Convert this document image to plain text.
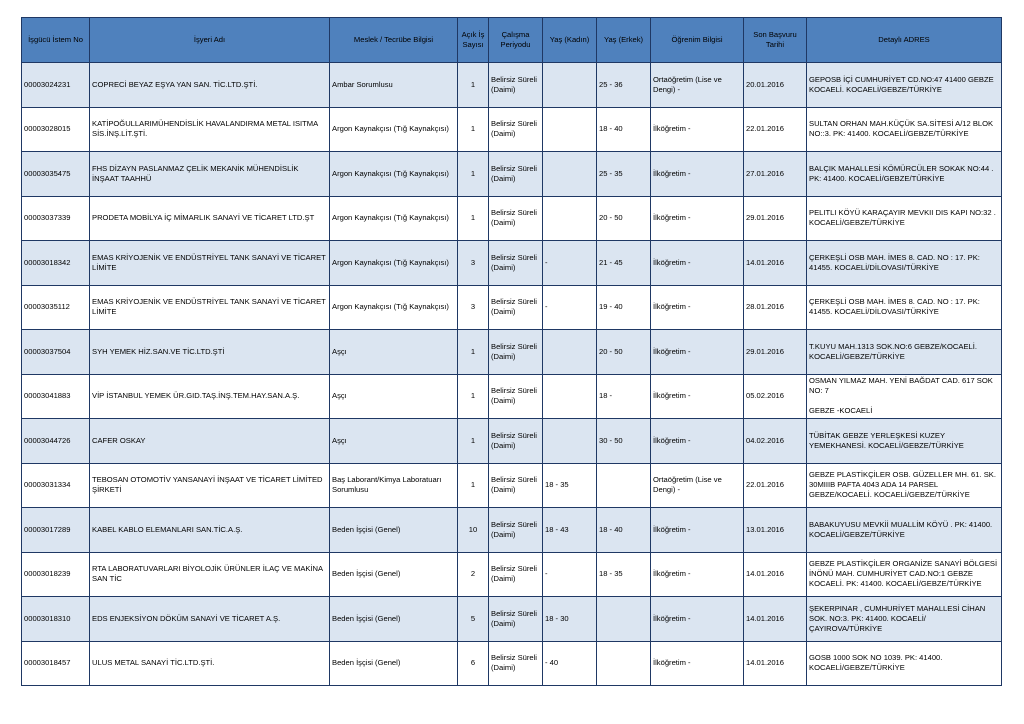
İşgücü İstem No	İşyeri Adı	Meslek / Tecrübe Bilgisi	Açık İş Sayısı	Çalışma Periyodu	Yaş (Kadın)	Yaş (Erkek)	Öğrenim Bilgisi	Son Başvuru Tarihi	Detaylı ADRES
00003024231	COPRECİ BEYAZ EŞYA YAN SAN. TİC.LTD.ŞTİ.	Ambar Sorumlusu	1	Belirsiz Süreli (Daimi)		25 - 36	Ortaöğretim (Lise ve Dengi) -	20.01.2016	GEPOSB İÇİ CUMHURİYET CD.NO:47 41400 GEBZE KOCAELİ. KOCAELİ/GEBZE/TÜRKİYE
00003028015	KATİPOĞULLARIMÜHENDİSLİK HAVALANDIRMA METAL ISITMA SİS.İNŞ.LİT.ŞTİ.	Argon Kaynakçısı (Tığ Kaynakçısı)	1	Belirsiz Süreli (Daimi)		18 - 40	İlköğretim -	22.01.2016	SULTAN ORHAN MAH.KÜÇÜK SA.SİTESİ A/12 BLOK NO::3. PK: 41400. KOCAELİ/GEBZE/TÜRKİYE
00003035475	FHS DİZAYN PASLANMAZ ÇELİK MEKANİK MÜHENDİSLİK İNŞAAT TAAHHÜ	Argon Kaynakçısı (Tığ Kaynakçısı)	1	Belirsiz Süreli (Daimi)		25 - 35	İlköğretim -	27.01.2016	BALÇIK MAHALLESİ KÖMÜRCÜLER SOKAK NO:44 . PK: 41400. KOCAELİ/GEBZE/TÜRKİYE
00003037339	PRODETA MOBİLYA İÇ MİMARLIK SANAYİ VE TİCARET LTD.ŞT	Argon Kaynakçısı (Tığ Kaynakçısı)	1	Belirsiz Süreli (Daimi)		20 - 50	İlköğretim -	29.01.2016	PELITLI KÖYÜ KARAÇAYIR MEVKII DIS KAPI NO:32 . KOCAELİ/GEBZE/TÜRKİYE
00003018342	EMAS KRİYOJENİK VE ENDÜSTRİYEL TANK SANAYİ VE TİCARET LİMİTE	Argon Kaynakçısı (Tığ Kaynakçısı)	3	Belirsiz Süreli (Daimi)	-	21 - 45	İlköğretim -	14.01.2016	ÇERKEŞLİ OSB MAH. İMES 8. CAD. NO : 17. PK: 41455. KOCAELİ/DİLOVASI/TÜRKİYE
00003035112	EMAS KRİYOJENİK VE ENDÜSTRİYEL TANK SANAYİ VE TİCARET LİMİTE	Argon Kaynakçısı (Tığ Kaynakçısı)	3	Belirsiz Süreli (Daimi)	-	19 - 40	İlköğretim -	28.01.2016	ÇERKEŞLİ OSB MAH. İMES 8. CAD. NO : 17. PK: 41455. KOCAELİ/DİLOVASI/TÜRKİYE
00003037504	SYH YEMEK HİZ.SAN.VE TİC.LTD.ŞTİ	Aşçı	1	Belirsiz Süreli (Daimi)		20 - 50	İlköğretim -	29.01.2016	T.KUYU MAH.1313 SOK.NO:6 GEBZE/KOCAELİ. KOCAELİ/GEBZE/TÜRKİYE
00003041883	VİP İSTANBUL YEMEK ÜR.GID.TAŞ.İNŞ.TEM.HAY.SAN.A.Ş.	Aşçı	1	Belirsiz Süreli (Daimi)		18 -	İlköğretim -	05.02.2016	OSMAN YILMAZ MAH. YENİ BAĞDAT CAD. 617 SOK NO: 7

GEBZE -KOCAELİ
00003044726	CAFER OSKAY	Aşçı	1	Belirsiz Süreli (Daimi)		30 - 50	İlköğretim -	04.02.2016	TÜBİTAK GEBZE YERLEŞKESİ KUZEY YEMEKHANESİ. KOCAELİ/GEBZE/TÜRKİYE
00003031334	TEBOSAN OTOMOTİV YANSANAYİ İNŞAAT VE TİCARET LİMİTED ŞİRKETİ	Baş Laborant/Kimya Laboratuarı Sorumlusu	1	Belirsiz Süreli (Daimi)	18 - 35		Ortaöğretim (Lise ve Dengi) -	22.01.2016	GEBZE PLASTİKÇİLER OSB. GÜZELLER MH. 61. SK. 30MIIIB PAFTA 4043 ADA 14 PARSEL GEBZE/KOCAELİ. KOCAELİ/GEBZE/TÜRKİYE
00003017289	KABEL KABLO ELEMANLARI SAN.TİC.A.Ş.	Beden İşçisi (Genel)	10	Belirsiz Süreli (Daimi)	18 - 43	18 - 40	İlköğretim -	13.01.2016	BABAKUYUSU MEVKİİ MUALLİM KÖYÜ . PK: 41400. KOCAELİ/GEBZE/TÜRKİYE
00003018239	RTA LABORATUVARLARI BİYOLOJİK ÜRÜNLER İLAÇ VE MAKİNA SAN TİC	Beden İşçisi (Genel)	2	Belirsiz Süreli (Daimi)	-	18 - 35	İlköğretim -	14.01.2016	GEBZE PLASTİKÇİLER ORGANİZE SANAYİ BÖLGESİ İNÖNÜ MAH. CUMHURİYET CAD.NO:1 GEBZE KOCAELİ. PK: 41400. KOCAELİ/GEBZE/TÜRKİYE
00003018310	EDS ENJEKSİYON DÖKÜM SANAYİ VE TİCARET A.Ş.	Beden İşçisi (Genel)	5	Belirsiz Süreli (Daimi)	18 - 30		İlköğretim -	14.01.2016	ŞEKERPINAR , CUMHURİYET MAHALLESİ CİHAN SOK. NO:3. PK: 41400. KOCAELİ/ÇAYIROVA/TÜRKİYE
00003018457	ULUS METAL SANAYİ TİC.LTD.ŞTİ.	Beden İşçisi (Genel)	6	Belirsiz Süreli (Daimi)	- 40		İlköğretim -	14.01.2016	GOSB 1000 SOK NO 1039. PK: 41400. KOCAELİ/GEBZE/TÜRKİYE
